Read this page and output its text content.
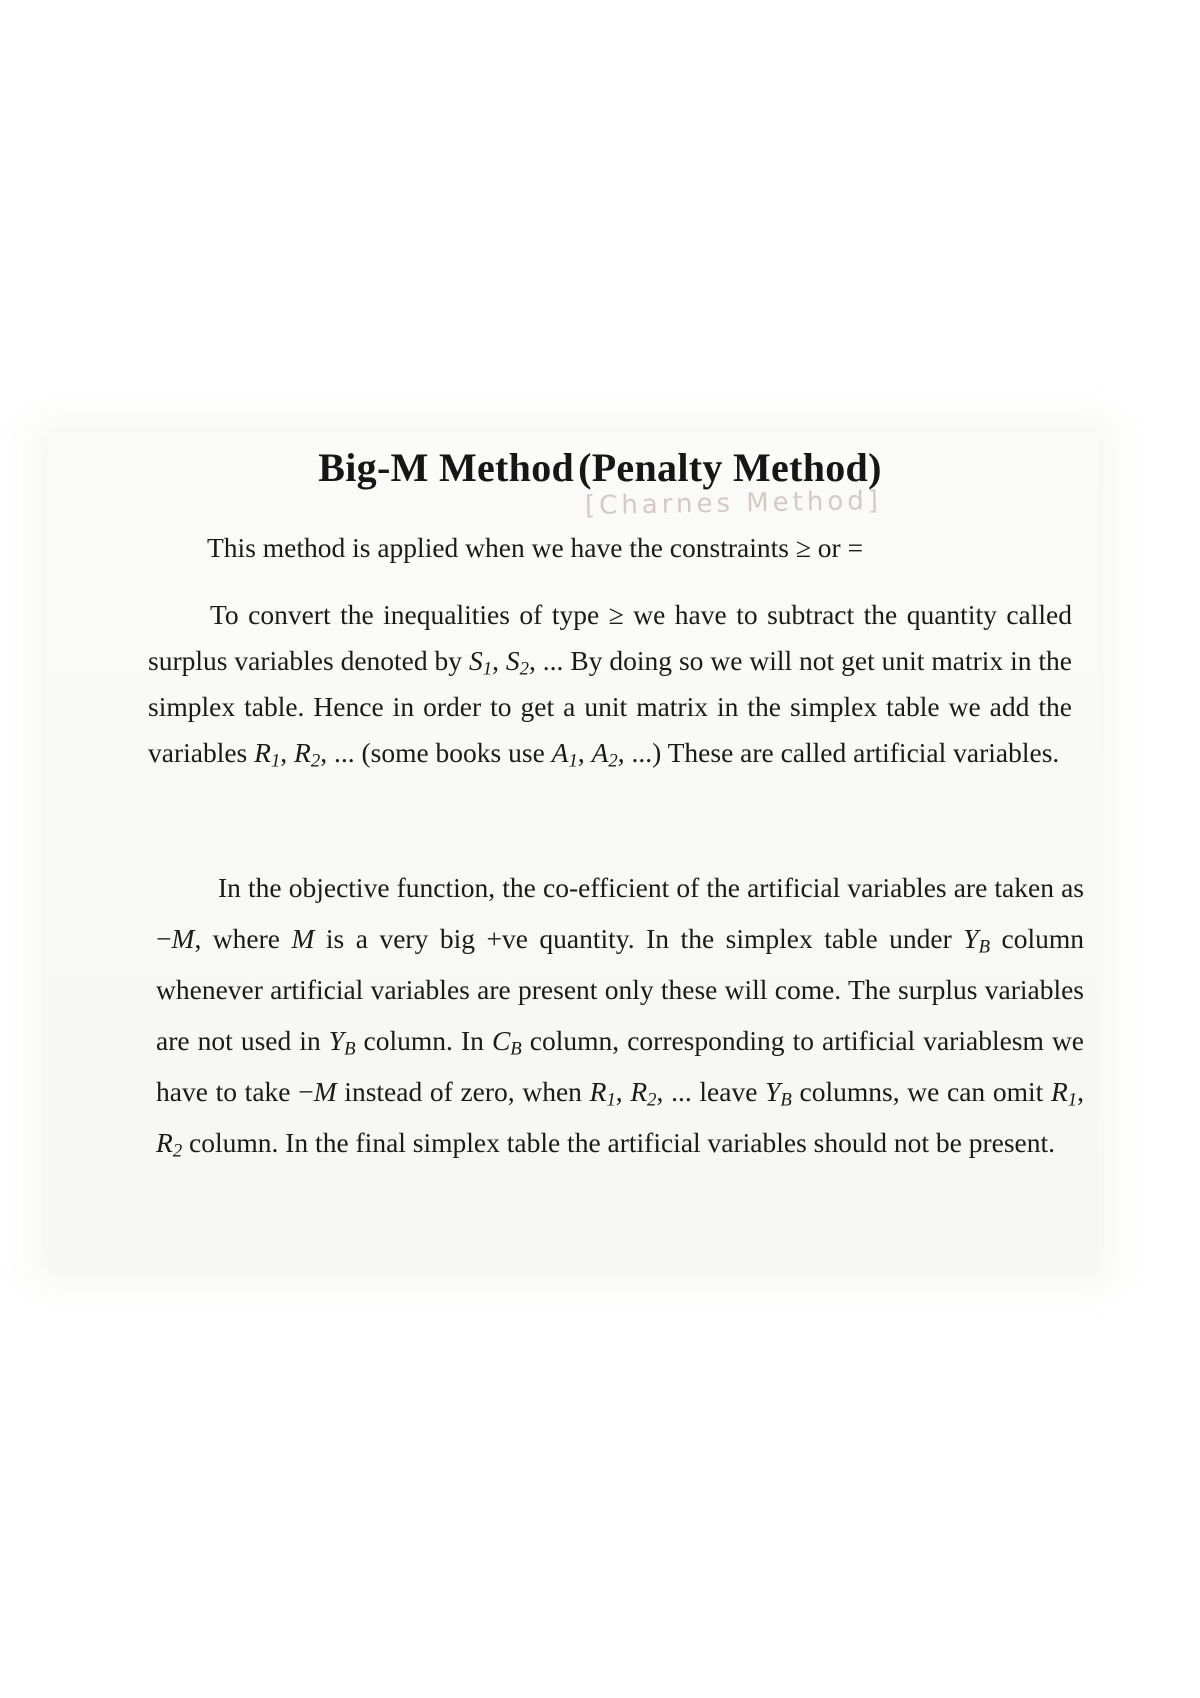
Big-M Method (Penalty Method)
[Charnes Method]

This method is applied when we have the constraints ≥ or =

To convert the inequalities of type ≥ we have to subtract the quantity called surplus variables denoted by $S_1$, $S_2$, ... By doing so we will not get unit matrix in the simplex table. Hence in order to get a unit matrix in the simplex table we add the variables $R_1$, $R_2$, ... (some books use $A_1$, $A_2$, ...) These are called artificial variables.

In the objective function, the co-efficient of the artificial variables are taken as −M, where M is a very big +ve quantity. In the simplex table under $Y_B$ column whenever artificial variables are present only these will come. The surplus variables are not used in $Y_B$ column. In $C_B$ column, corresponding to artificial variablesm we have to take −M instead of zero, when $R_1$, $R_2$, ... leave $Y_B$ columns, we can omit $R_1$, $R_2$ column. In the final simplex table the artificial variables should not be present.
